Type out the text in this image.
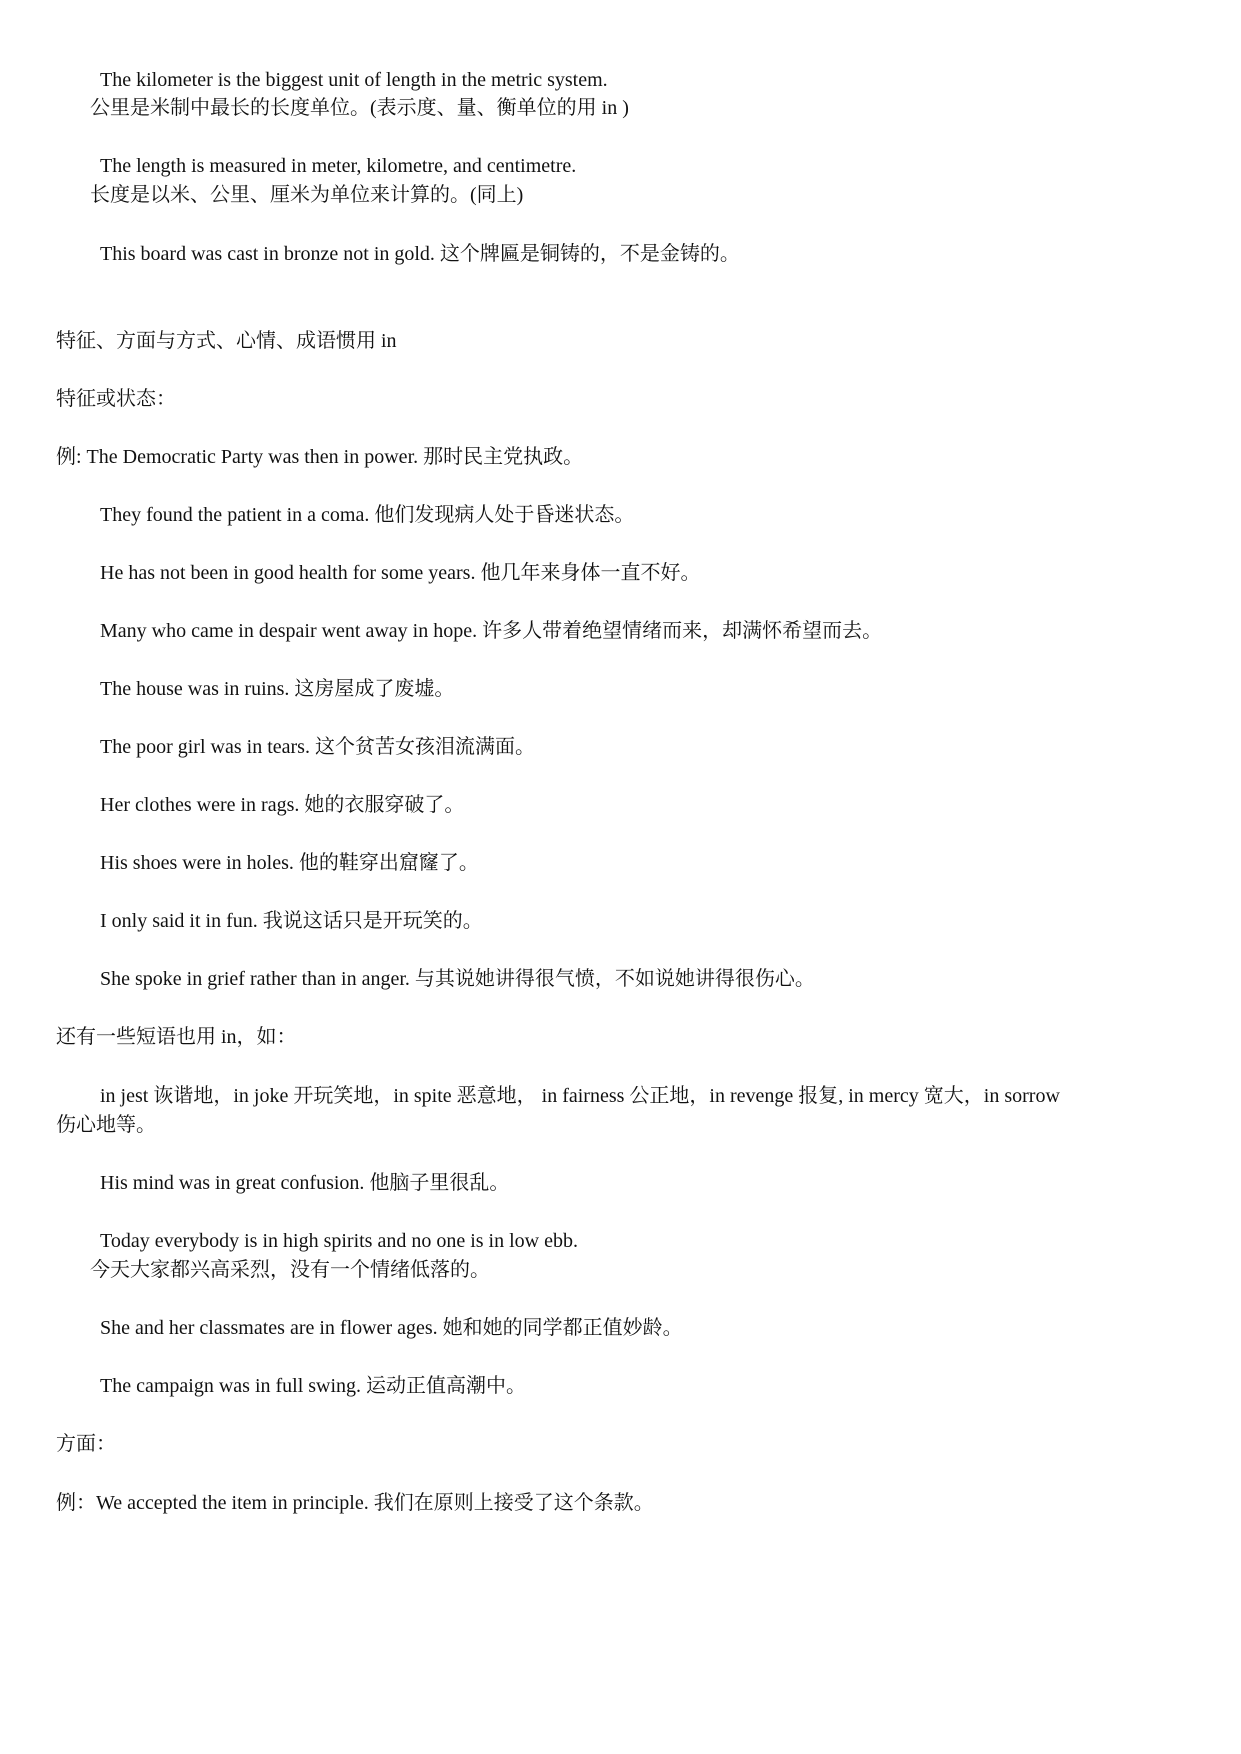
The kilometer is the biggest unit of length in the metric system.
公里是米制中最长的长度单位。(表示度、量、衡单位的用 in )
The length is measured in meter, kilometre, and centimetre.
长度是以米、公里、厘米为单位来计算的。(同上)
This board was cast in bronze not in gold. 这个牌匾是铜铸的，不是金铸的。
特征、方面与方式、心情、成语惯用 in
特征或状态：
例: The Democratic Party was then in power. 那时民主党执政。
They found the patient in a coma. 他们发现病人处于昏迷状态。
He has not been in good health for some years. 他几年来身体一直不好。
Many who came in despair went away in hope. 许多人带着绝望情绪而来，却满怀希望而去。
The house was in ruins. 这房屋成了废墟。
The poor girl was in tears. 这个贫苦女孩泪流满面。
Her clothes were in rags. 她的衣服穿破了。
His shoes were in holes. 他的鞋穿出窟窿了。
I only said it in fun. 我说这话只是开玩笑的。
She spoke in grief rather than in anger. 与其说她讲得很气愤，不如说她讲得很伤心。
还有一些短语也用 in，如：
in jest 诙谐地，in joke 开玩笑地，in spite 恶意地， in fairness 公正地，in revenge 报复, in mercy 宽大，in sorrow
伤心地等。
His mind was in great confusion. 他脑子里很乱。
Today everybody is in high spirits and no one is in low ebb.
今天大家都兴高采烈，没有一个情绪低落的。
She and her classmates are in flower ages. 她和她的同学都正值妙龄。
The campaign was in full swing. 运动正值高潮中。
方面：
例：We accepted the item in principle. 我们在原则上接受了这个条款。
